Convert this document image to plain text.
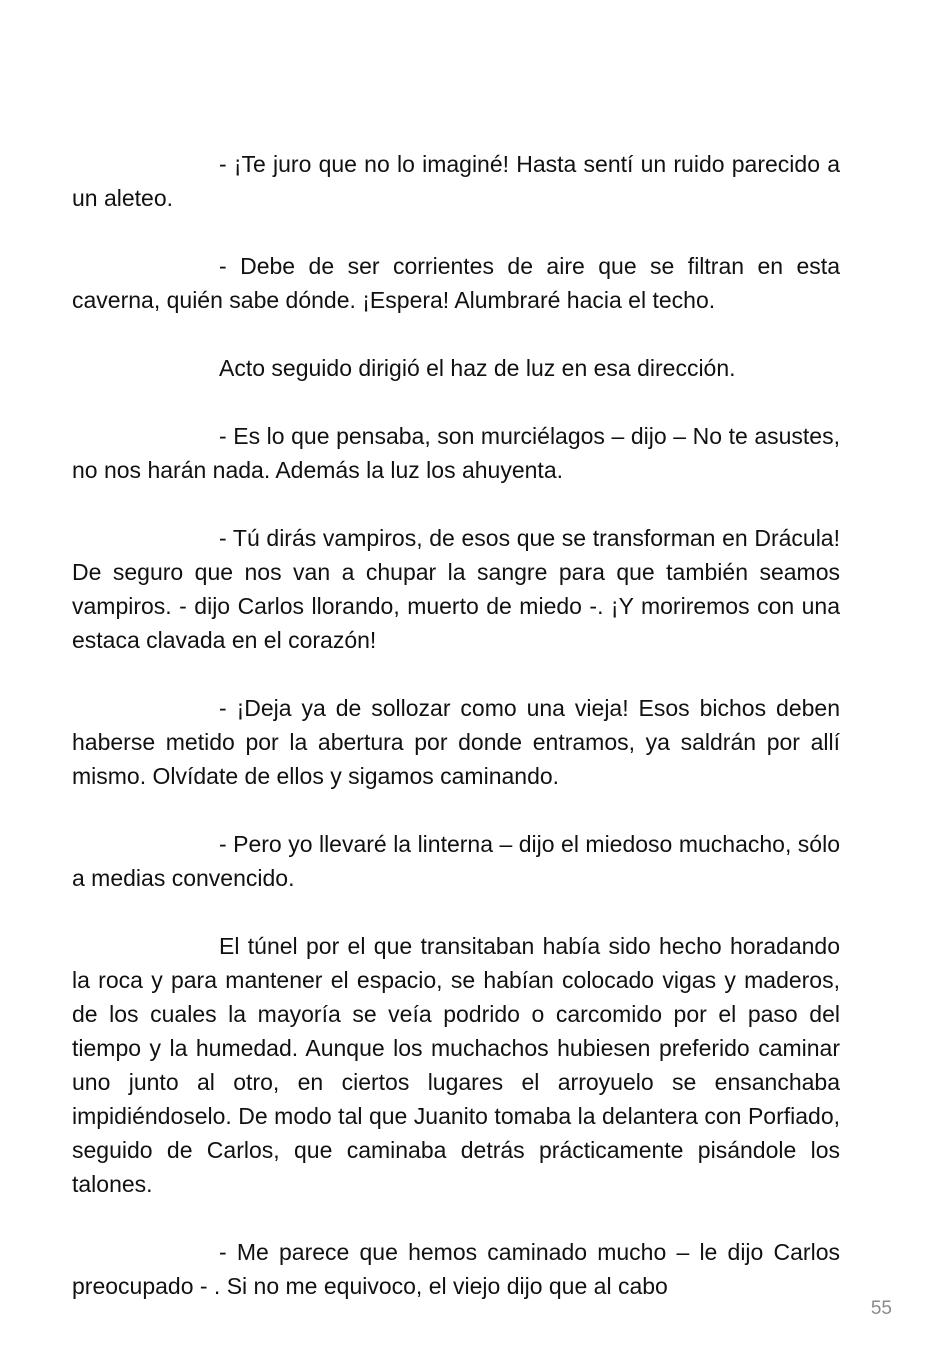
- ¡Te juro que no lo imaginé! Hasta sentí un ruido parecido a un aleteo.

- Debe de ser corrientes de aire que se filtran en esta caverna, quién sabe dónde. ¡Espera! Alumbraré hacia el techo.

Acto seguido dirigió el haz de luz en esa dirección.

- Es lo que pensaba, son murciélagos – dijo – No te asustes, no nos harán nada. Además la luz los ahuyenta.

- Tú dirás vampiros, de esos que se transforman en Drácula! De seguro que nos van a chupar la sangre para que también seamos vampiros. - dijo Carlos llorando, muerto de miedo -. ¡Y moriremos con una estaca clavada en el corazón!

- ¡Deja ya de sollozar como una vieja! Esos bichos deben haberse metido por la abertura por donde entramos, ya saldrán por allí mismo. Olvídate de ellos y sigamos caminando.

- Pero yo llevaré la linterna – dijo el miedoso muchacho, sólo a medias convencido.

El túnel por el que transitaban había sido hecho horadando la roca y para mantener el espacio, se habían colocado vigas y maderos, de los cuales la mayoría se veía podrido o carcomido por el paso del tiempo y la humedad. Aunque los muchachos hubiesen preferido caminar uno junto al otro, en ciertos lugares el arroyuelo se ensanchaba impidiéndoselo. De modo tal que Juanito tomaba la delantera con Porfiado, seguido de Carlos, que caminaba detrás prácticamente pisándole los talones.

- Me parece que hemos caminado mucho – le dijo Carlos preocupado - . Si no me equivoco, el viejo dijo que al cabo

55
